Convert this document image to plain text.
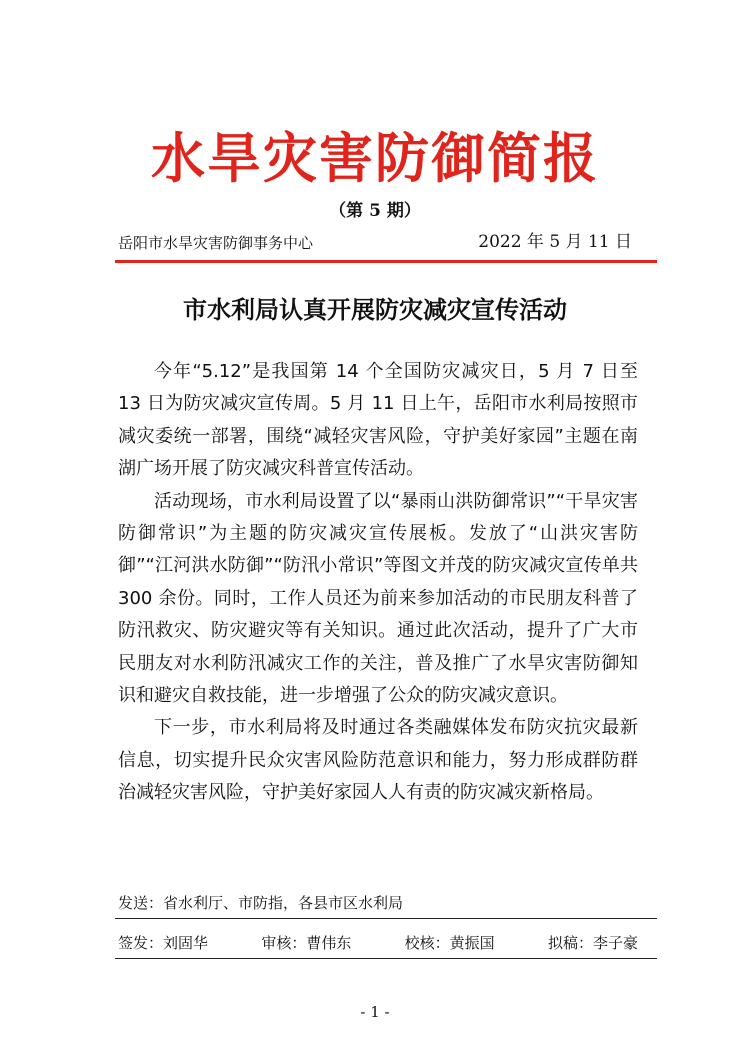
水旱灾害防御简报
（第 5 期）
岳阳市水旱灾害防御事务中心	2022 年 5 月 11 日
市水利局认真开展防灾减灾宣传活动

今年“5.12”是我国第 14 个全国防灾减灾日，5 月 7 日至 13 日为防灾减灾宣传周。5 月 11 日上午，岳阳市水利局按照市减灾委统一部署，围绕“减轻灾害风险，守护美好家园”主题在南湖广场开展了防灾减灾科普宣传活动。

活动现场，市水利局设置了以“暴雨山洪防御常识”“干旱灾害防御常识”为主题的防灾减灾宣传展板。发放了“山洪灾害防御”“江河洪水防御”“防汛小常识”等图文并茂的防灾减灾宣传单共 300 余份。同时，工作人员还为前来参加活动的市民朋友科普了防汛救灾、防灾避灾等有关知识。通过此次活动，提升了广大市民朋友对水利防汛减灾工作的关注，普及推广了水旱灾害防御知识和避灾自救技能，进一步增强了公众的防灾减灾意识。

下一步，市水利局将及时通过各类融媒体发布防灾抗灾最新信息，切实提升民众灾害风险防范意识和能力，努力形成群防群治减轻灾害风险，守护美好家园人人有责的防灾减灾新格局。

发送：省水利厅、市防指，各县市区水利局
签发：刘固华	审核：曹伟东	校核：黄振国	拟稿：李子豪
- 1 -
